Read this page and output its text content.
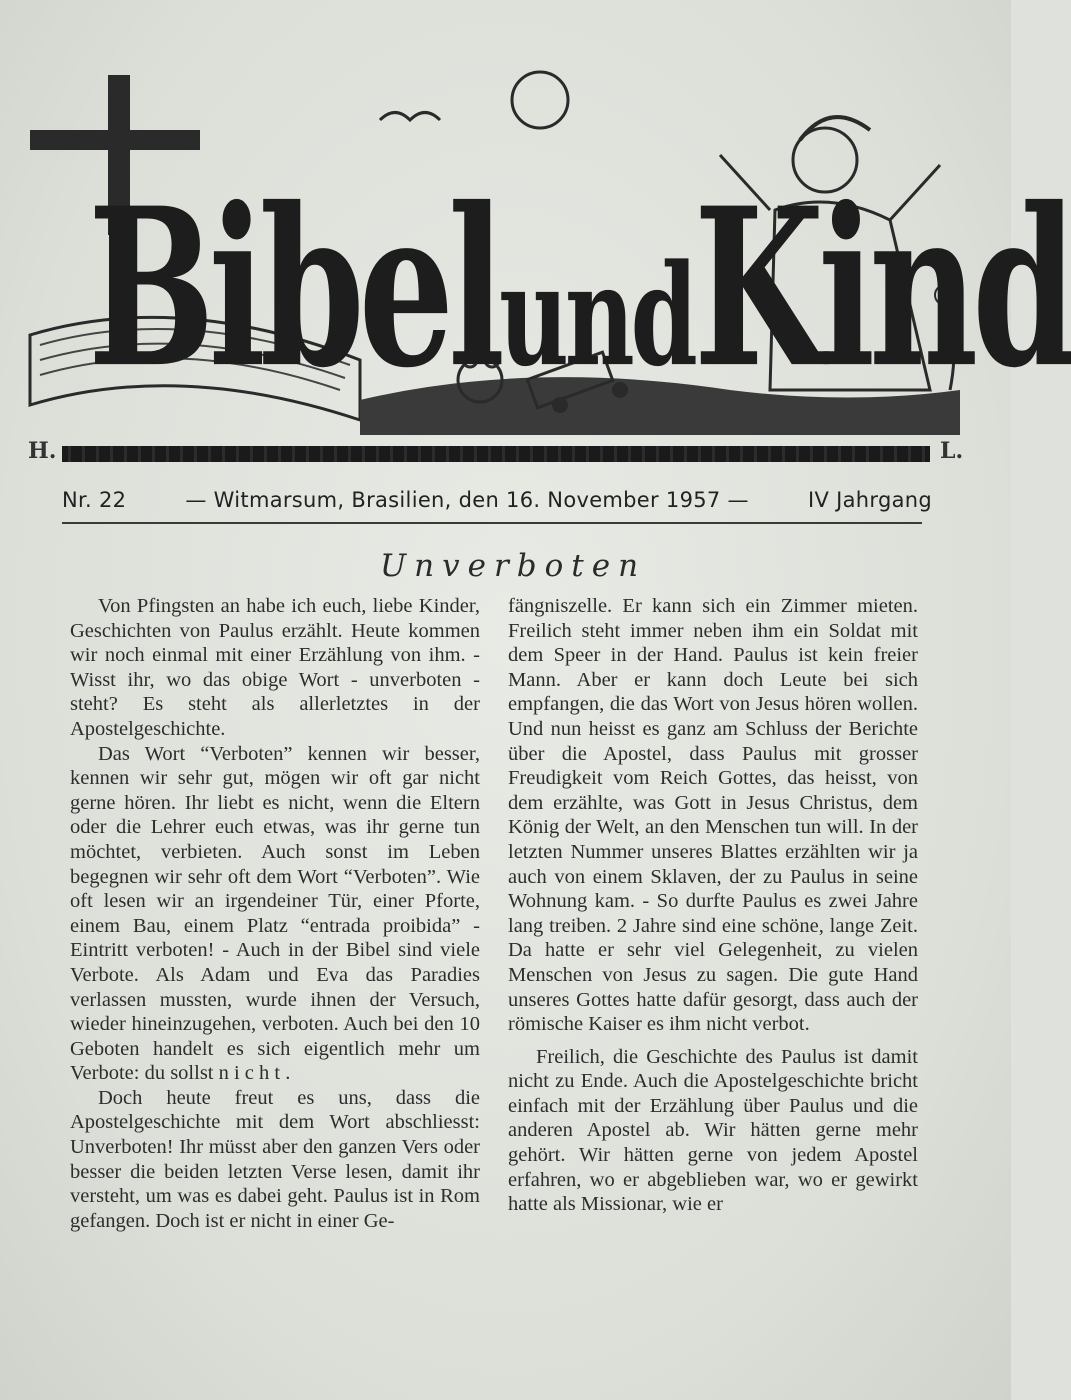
BibelundKind
H.	L.
Nr. 22	— Witmarsum, Brasilien, den 16. November 1957 —	IV Jahrgang
Unverboten

Von Pfingsten an habe ich euch, liebe Kinder, Geschichten von Paulus erzählt. Heute kommen wir noch einmal mit einer Erzählung von ihm. - Wisst ihr, wo das obige Wort - unverboten - steht? Es steht als allerletztes in der Apostelgeschichte.

Das Wort “Verboten” kennen wir besser, kennen wir sehr gut, mögen wir oft gar nicht gerne hören. Ihr liebt es nicht, wenn die Eltern oder die Lehrer euch etwas, was ihr gerne tun möchtet, verbieten. Auch sonst im Leben begegnen wir sehr oft dem Wort “Verboten”. Wie oft lesen wir an irgendeiner Tür, einer Pforte, einem Bau, einem Platz “entrada proibida” - Eintritt verboten! - Auch in der Bibel sind viele Verbote. Als Adam und Eva das Paradies verlassen mussten, wurde ihnen der Versuch, wieder hineinzugehen, verboten. Auch bei den 10 Geboten handelt es sich eigentlich mehr um Verbote: du sollst n i c h t .

Doch heute freut es uns, dass die Apostelgeschichte mit dem Wort abschliesst: Unverboten! Ihr müsst aber den ganzen Vers oder besser die beiden letzten Verse lesen, damit ihr versteht, um was es dabei geht. Paulus ist in Rom gefangen. Doch ist er nicht in einer Ge-

fängniszelle. Er kann sich ein Zimmer mieten. Freilich steht immer neben ihm ein Soldat mit dem Speer in der Hand. Paulus ist kein freier Mann. Aber er kann doch Leute bei sich empfangen, die das Wort von Jesus hören wollen. Und nun heisst es ganz am Schluss der Berichte über die Apostel, dass Paulus mit grosser Freudigkeit vom Reich Gottes, das heisst, von dem erzählte, was Gott in Jesus Christus, dem König der Welt, an den Menschen tun will. In der letzten Nummer unseres Blattes erzählten wir ja auch von einem Sklaven, der zu Paulus in seine Wohnung kam. - So durfte Paulus es zwei Jahre lang treiben. 2 Jahre sind eine schöne, lange Zeit. Da hatte er sehr viel Gelegenheit, zu vielen Menschen von Jesus zu sagen. Die gute Hand unseres Gottes hatte dafür gesorgt, dass auch der römische Kaiser es ihm nicht verbot.

Freilich, die Geschichte des Paulus ist damit nicht zu Ende. Auch die Apostelgeschichte bricht einfach mit der Erzählung über Paulus und die anderen Apostel ab. Wir hätten gerne mehr gehört. Wir hätten gerne von jedem Apostel erfahren, wo er abgeblieben war, wo er gewirkt hatte als Missionar, wie er
